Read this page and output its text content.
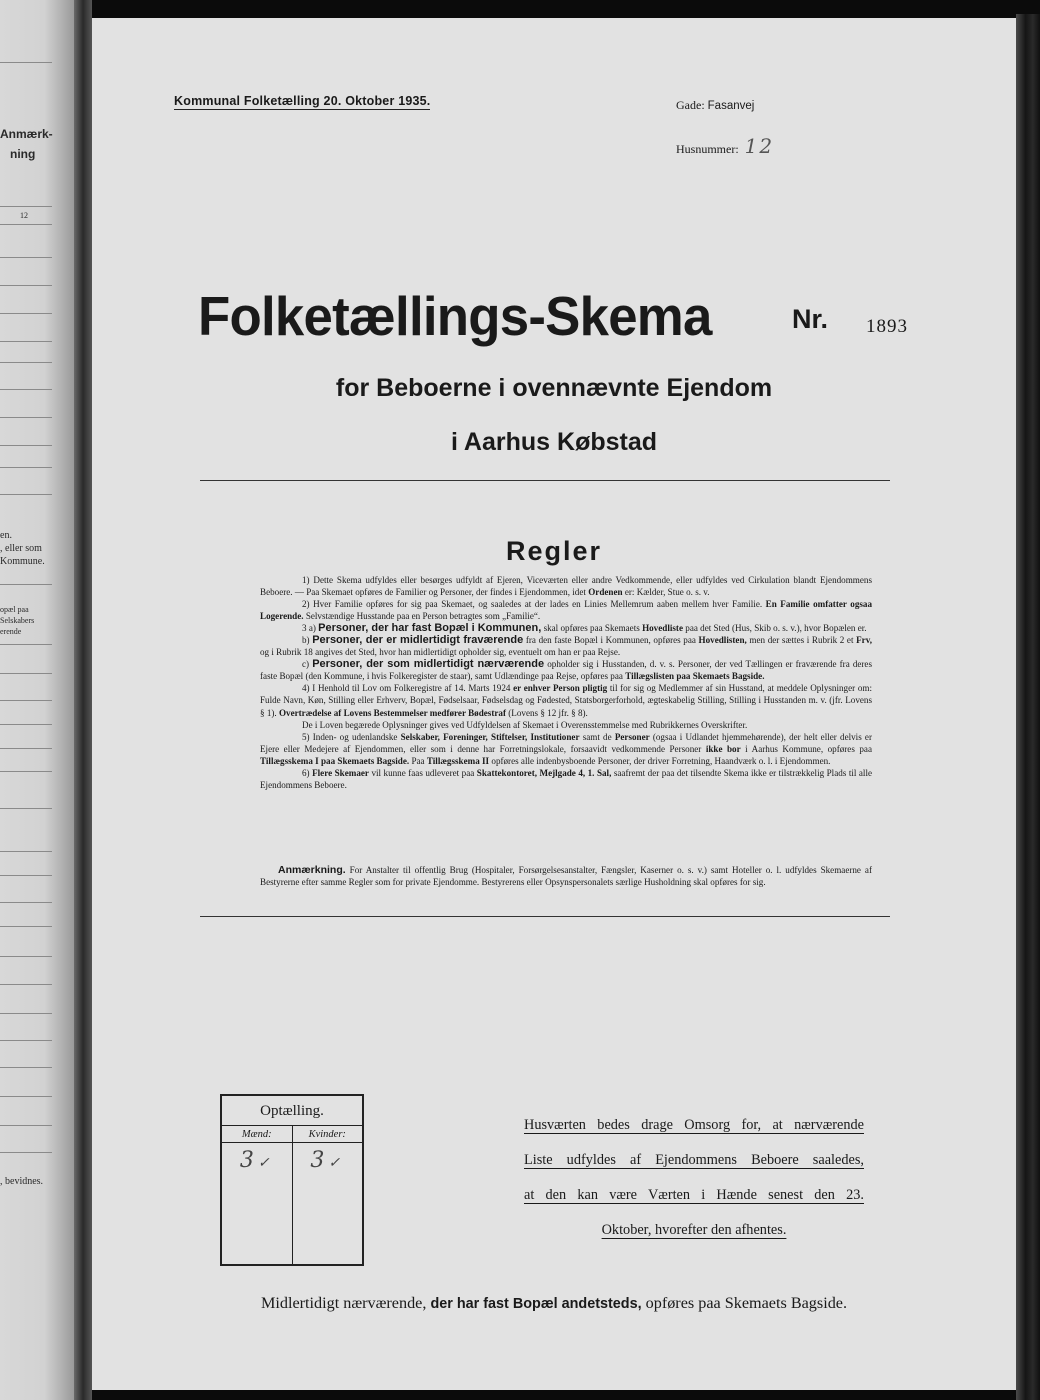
Anmærk-
ning
12
en.
, eller som
Kommune.
opæl paa
Selskabers
erende
, bevidnes.
Kommunal Folketælling 20. Oktober 1935.	Gade: Fasanvej
Husnummer: 12
Folketællings-Skema	Nr. 1893
for Beboerne i ovennævnte Ejendom
i Aarhus Købstad
Regler

1) Dette Skema udfyldes eller besørges udfyldt af Ejeren, Viceværten eller andre Vedkommende, eller udfyldes ved Cirkulation blandt Ejendommens Beboere. — Paa Skemaet opføres de Familier og Personer, der findes i Ejendommen, idet Ordenen er: Kælder, Stue o. s. v.

2) Hver Familie opføres for sig paa Skemaet, og saaledes at der lades en Linies Mellemrum aaben mellem hver Familie. En Familie omfatter ogsaa Logerende. Selvstændige Husstande paa en Person betragtes som „Familie“.

3 a) Personer, der har fast Bopæl i Kommunen, skal opføres paa Skemaets Hovedliste paa det Sted (Hus, Skib o. s. v.), hvor Bopælen er.

b) Personer, der er midlertidigt fraværende fra den faste Bopæl i Kommunen, opføres paa Hovedlisten, men der sættes i Rubrik 2 et Frv, og i Rubrik 18 angives det Sted, hvor han midlertidigt opholder sig, eventuelt om han er paa Rejse.

c) Personer, der som midlertidigt nærværende opholder sig i Husstanden, d. v. s. Personer, der ved Tællingen er fraværende fra deres faste Bopæl (den Kommune, i hvis Folkeregister de staar), samt Udlændinge paa Rejse, opføres paa Tillægslisten paa Skemaets Bagside.

4) I Henhold til Lov om Folkeregistre af 14. Marts 1924 er enhver Person pligtig til for sig og Medlemmer af sin Husstand, at meddele Oplysninger om: Fulde Navn, Køn, Stilling eller Erhverv, Bopæl, Fødselsaar, Fødselsdag og Fødested, Statsborgerforhold, ægteskabelig Stilling, Stilling i Husstanden m. v. (jfr. Lovens § 1). Overtrædelse af Lovens Bestemmelser medfører Bødestraf (Lovens § 12 jfr. § 8).

De i Loven begærede Oplysninger gives ved Udfyldelsen af Skemaet i Overensstemmelse med Rubrikkernes Overskrifter.

5) Inden- og udenlandske Selskaber, Foreninger, Stiftelser, Institutioner samt de Personer (ogsaa i Udlandet hjemmehørende), der helt eller delvis er Ejere eller Medejere af Ejendommen, eller som i denne har Forretningslokale, forsaavidt vedkommende Personer ikke bor i Aarhus Kommune, opføres paa Tillægsskema I paa Skemaets Bagside. Paa Tillægsskema II opføres alle indenbysboende Personer, der driver Forretning, Haandværk o. l. i Ejendommen.

6) Flere Skemaer vil kunne faas udleveret paa Skattekontoret, Mejlgade 4, 1. Sal, saafremt der paa det tilsendte Skema ikke er tilstrækkelig Plads til alle Ejendommens Beboere.

Anmærkning. For Anstalter til offentlig Brug (Hospitaler, Forsørgelsesanstalter, Fængsler, Kaserner o. s. v.) samt Hoteller o. l. udfyldes Skemaerne af Bestyrerne efter samme Regler som for private Ejendomme. Bestyrerens eller Opsynspersonalets særlige Husholdning skal opføres for sig.
Optælling.
Mænd:
3✓
Kvinder:
3✓
Husværten bedes drage Omsorg for, at nærværende
Liste udfyldes af Ejendommens Beboere saaledes,
at den kan være Værten i Hænde senest den 23.
Oktober, hvorefter den afhentes.
Midlertidigt nærværende, der har fast Bopæl andetsteds, opføres paa Skemaets Bagside.
